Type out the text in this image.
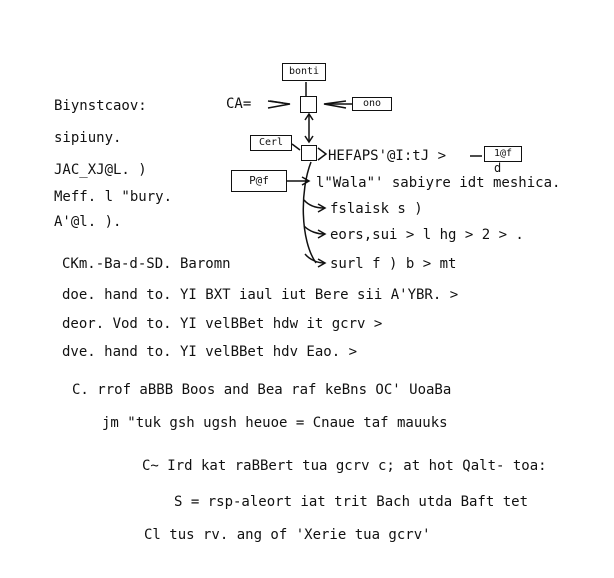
Biynstcaov:
sipiuny.
JAC_XJ@L. )
Meff. l "bury.
A'@l. ).
bonti
CA=	ono
Cerl
HEFAPS'@I:tJ >	1@f
d
P@f	l"Wala"' sabiyre idt meshica.
fslaisk s )
eors,sui > l hg > 2 > .
surl f ) b > mt
CKm.-Ba-d-SD. Baromn
doe. hand to. YI BXT iaul iut Bere sii A'YBR. >
deor. Vod to. YI velBBet hdw it gcrv >
dve. hand to. YI velBBet hdv Eao. >
C. rrof aBBB Boos and Bea raf keBns OC' UoaBa
jm "tuk gsh ugsh heuoe = Cnaue taf mauuks
C~ Ird kat raBBert tua gcrv c; at hot Qalt- toa:
S = rsp-aleort iat trit Bach utda Baft tet
Cl tus rv. ang of 'Xerie tua gcrv'
